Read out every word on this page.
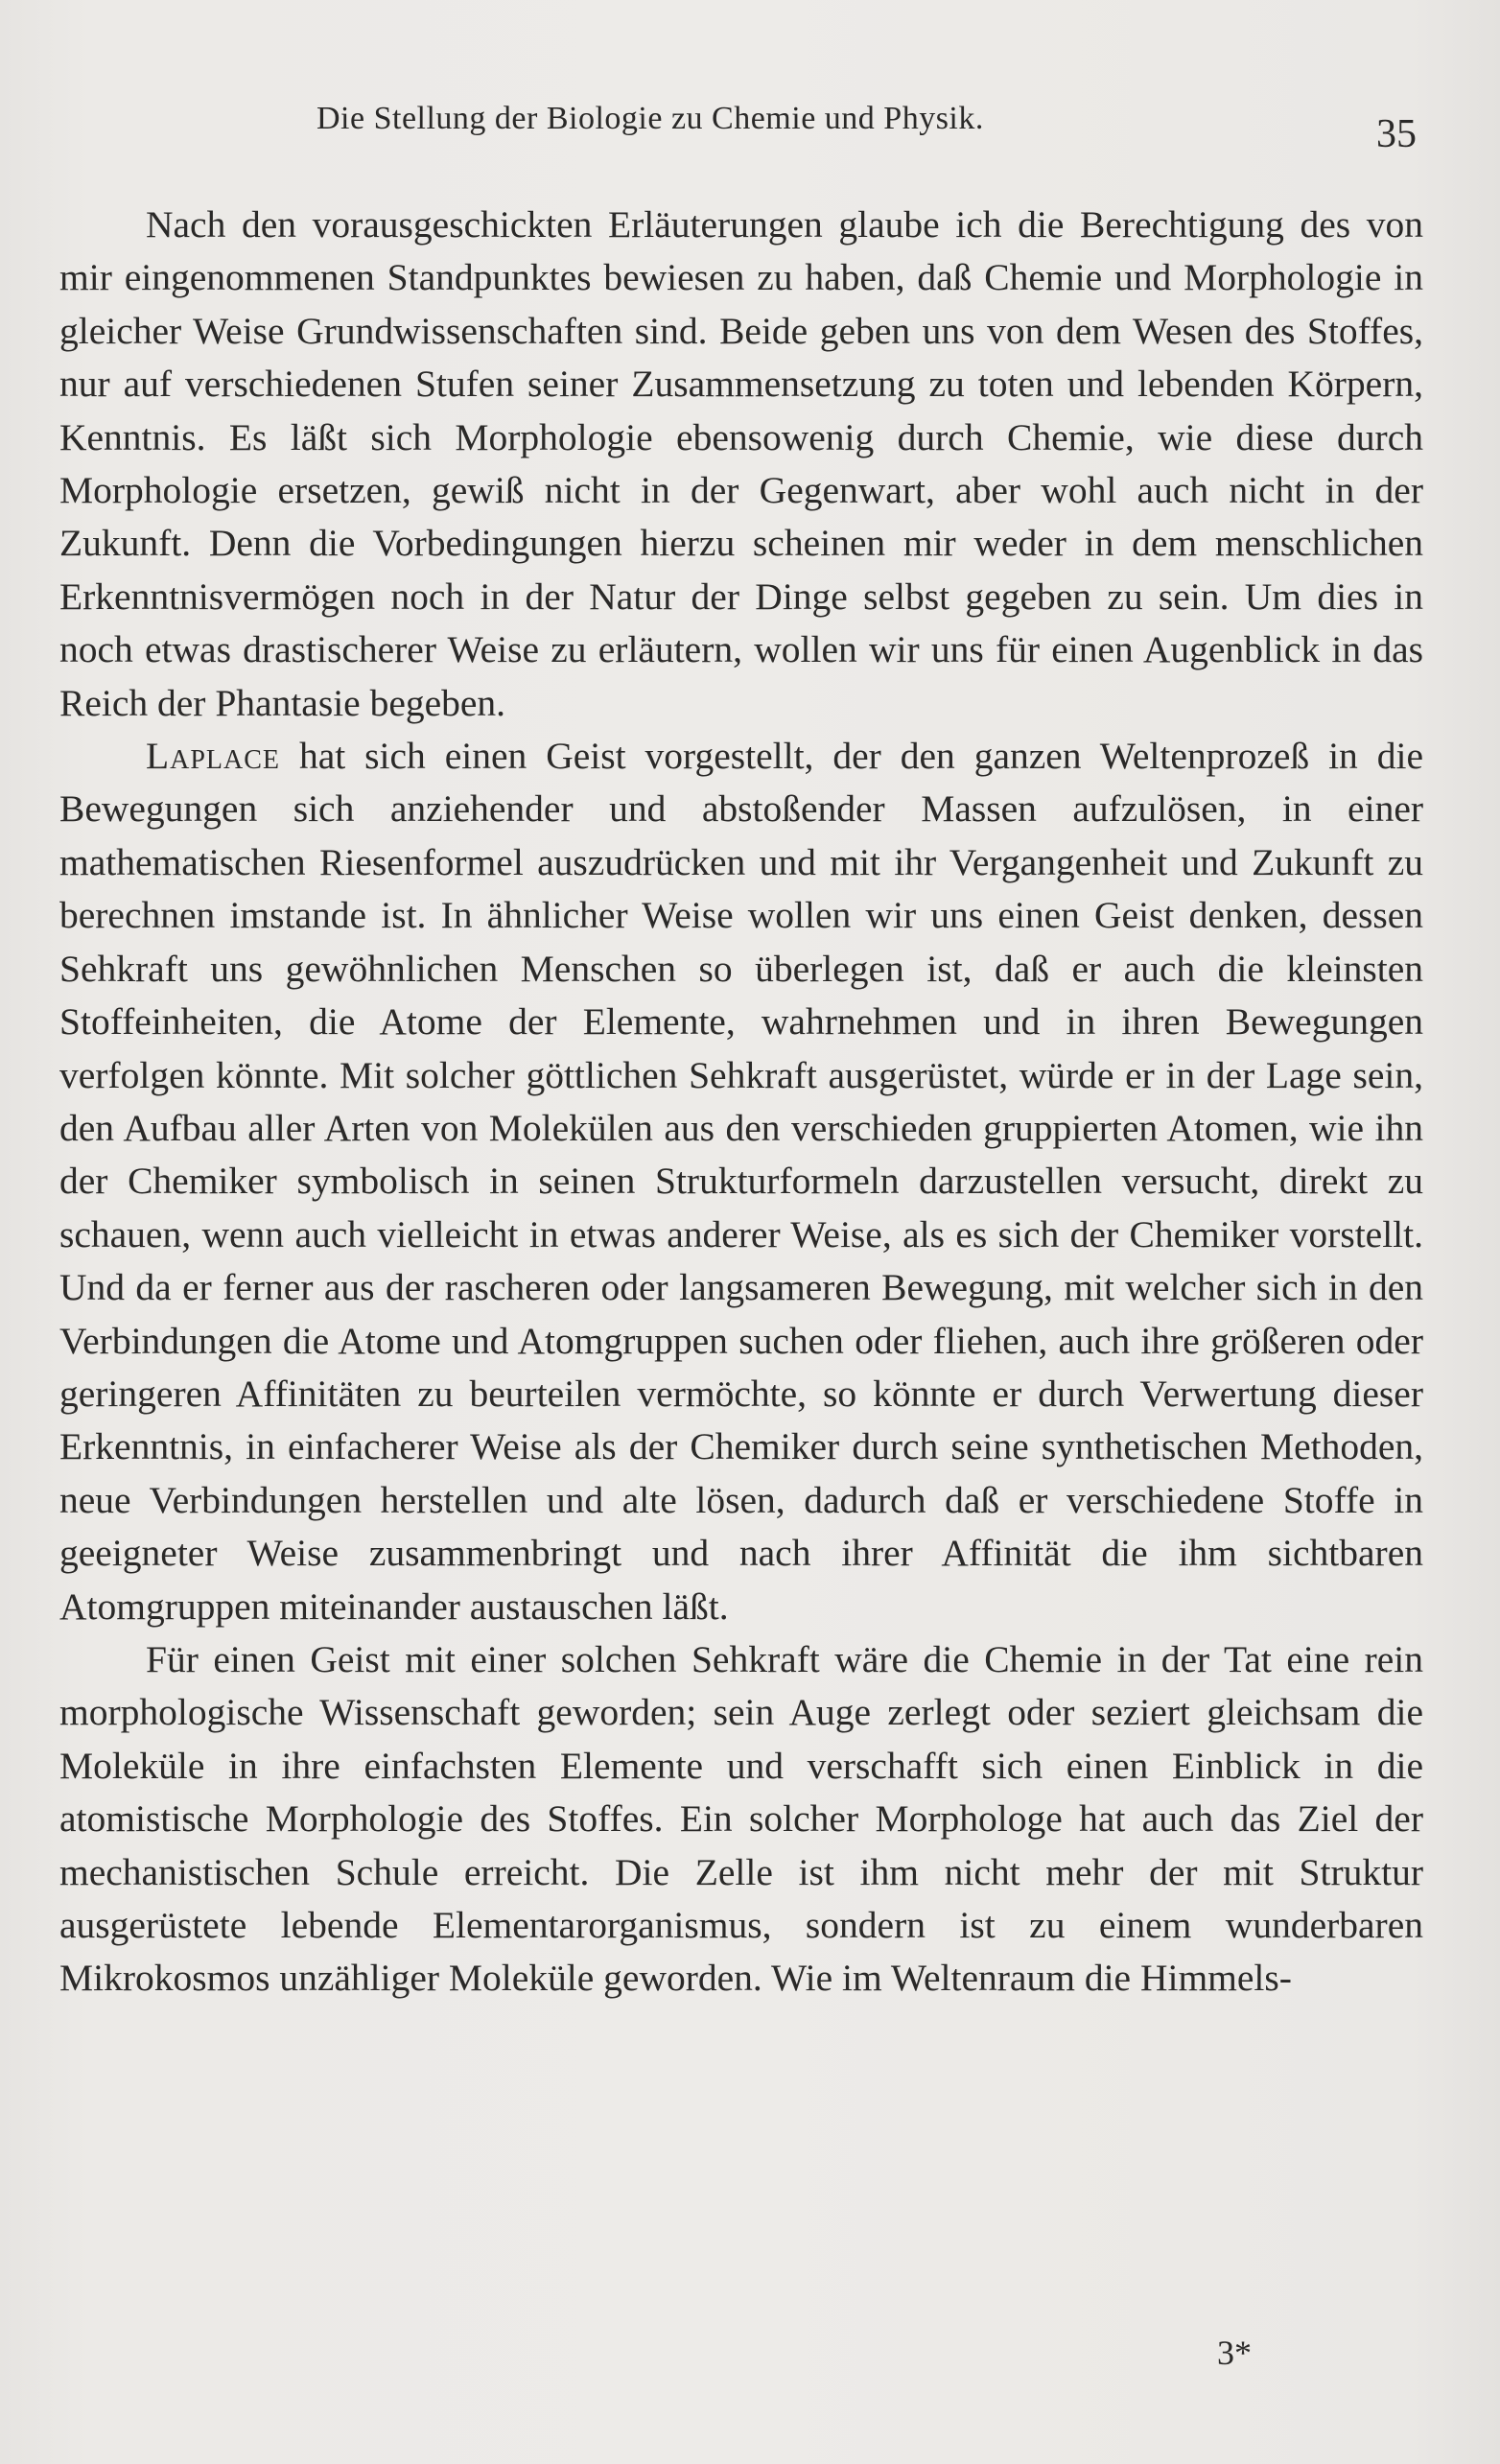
Die Stellung der Biologie zu Chemie und Physik.	35

Nach den vorausgeschickten Erläuterungen glaube ich die Berechtigung des von mir eingenommenen Standpunktes bewiesen zu haben, daß Chemie und Morphologie in gleicher Weise Grundwissenschaften sind. Beide geben uns von dem Wesen des Stoffes, nur auf verschiedenen Stufen seiner Zusammensetzung zu toten und lebenden Körpern, Kenntnis. Es läßt sich Morphologie ebensowenig durch Chemie, wie diese durch Morphologie ersetzen, gewiß nicht in der Gegenwart, aber wohl auch nicht in der Zukunft. Denn die Vorbedingungen hierzu scheinen mir weder in dem menschlichen Erkenntnisvermögen noch in der Natur der Dinge selbst gegeben zu sein. Um dies in noch etwas drastischerer Weise zu erläutern, wollen wir uns für einen Augenblick in das Reich der Phantasie begeben.

Laplace hat sich einen Geist vorgestellt, der den ganzen Weltenprozeß in die Bewegungen sich anziehender und abstoßender Massen aufzulösen, in einer mathematischen Riesenformel auszudrücken und mit ihr Vergangenheit und Zukunft zu berechnen imstande ist. In ähnlicher Weise wollen wir uns einen Geist denken, dessen Sehkraft uns gewöhnlichen Menschen so überlegen ist, daß er auch die kleinsten Stoffeinheiten, die Atome der Elemente, wahrnehmen und in ihren Bewegungen verfolgen könnte. Mit solcher göttlichen Sehkraft ausgerüstet, würde er in der Lage sein, den Aufbau aller Arten von Molekülen aus den verschieden gruppierten Atomen, wie ihn der Chemiker symbolisch in seinen Strukturformeln darzustellen versucht, direkt zu schauen, wenn auch vielleicht in etwas anderer Weise, als es sich der Chemiker vorstellt. Und da er ferner aus der rascheren oder langsameren Bewegung, mit welcher sich in den Verbindungen die Atome und Atomgruppen suchen oder fliehen, auch ihre größeren oder geringeren Affinitäten zu beurteilen vermöchte, so könnte er durch Verwertung dieser Erkenntnis, in einfacherer Weise als der Chemiker durch seine synthetischen Methoden, neue Verbindungen herstellen und alte lösen, dadurch daß er verschiedene Stoffe in geeigneter Weise zusammenbringt und nach ihrer Affinität die ihm sichtbaren Atomgruppen miteinander austauschen läßt.

Für einen Geist mit einer solchen Sehkraft wäre die Chemie in der Tat eine rein morphologische Wissenschaft geworden; sein Auge zerlegt oder seziert gleichsam die Moleküle in ihre einfachsten Elemente und verschafft sich einen Einblick in die atomistische Morphologie des Stoffes. Ein solcher Morphologe hat auch das Ziel der mechanistischen Schule erreicht. Die Zelle ist ihm nicht mehr der mit Struktur ausgerüstete lebende Elementarorganismus, sondern ist zu einem wunderbaren Mikrokosmos unzähliger Moleküle geworden. Wie im Weltenraum die Himmels-

3*
